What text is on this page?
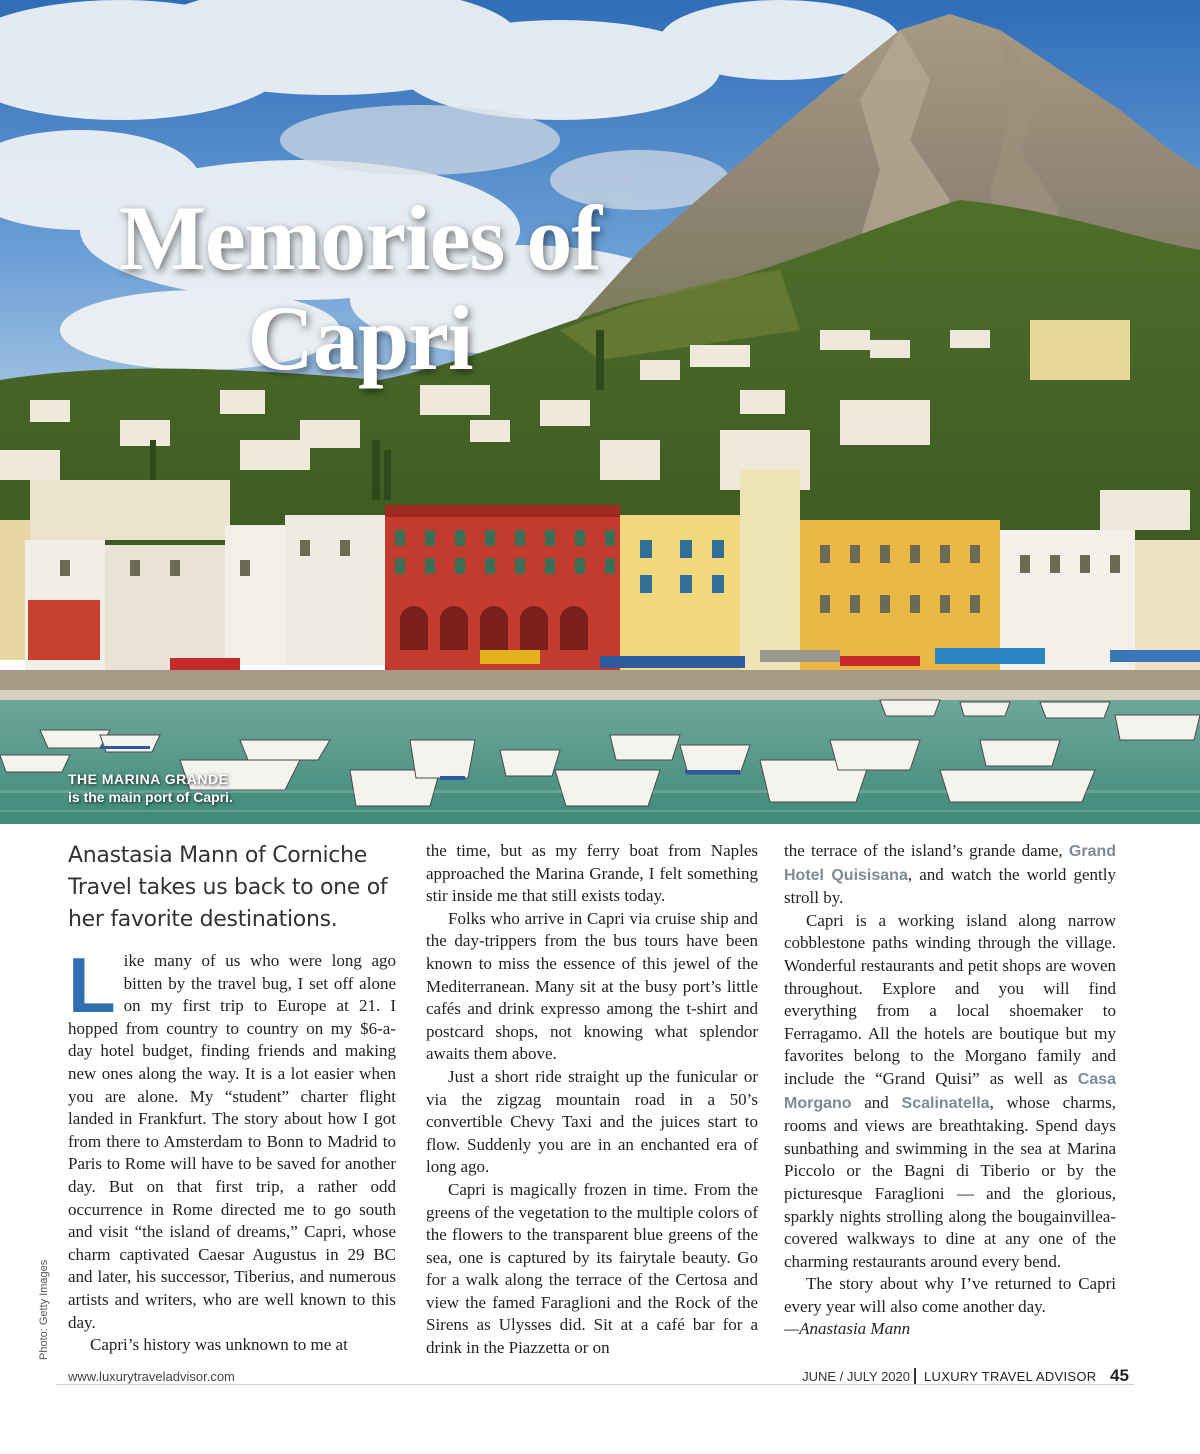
Memories of
Capri
THE MARINA GRANDE
is the main port of Capri.
Photo: Getty Images
Anastasia Mann of Corniche Travel takes us back to one of her favorite destinations.

Like many of us who were long ago bitten by the travel bug, I set off alone on my first trip to Europe at 21. I hopped from country to country on my $6-a-day hotel budget, finding friends and making new ones along the way. It is a lot easier when you are alone. My “student” charter flight landed in Frankfurt. The story about how I got from there to Amsterdam to Bonn to Madrid to Paris to Rome will have to be saved for another day. But on that first trip, a rather odd occurrence in Rome directed me to go south and visit “the island of dreams,” Capri, whose charm captivated Caesar Augustus in 29 BC and later, his successor, Tiberius, and numerous artists and writers, who are well known to this day.

Capri’s history was unknown to me at

the time, but as my ferry boat from Naples approached the Marina Grande, I felt something stir inside me that still exists today.

Folks who arrive in Capri via cruise ship and the day-trippers from the bus tours have been known to miss the essence of this jewel of the Mediterranean. Many sit at the busy port’s little cafés and drink expresso among the t-shirt and postcard shops, not knowing what splendor awaits them above.

Just a short ride straight up the funicular or via the zigzag mountain road in a 50’s convertible Chevy Taxi and the juices start to flow. Suddenly you are in an enchanted era of long ago.

Capri is magically frozen in time. From the greens of the vegetation to the multiple colors of the flowers to the transparent blue greens of the sea, one is captured by its fairytale beauty. Go for a walk along the terrace of the Certosa and view the famed Faraglioni and the Rock of the Sirens as Ulysses did. Sit at a café bar for a drink in the Piazzetta or on

the terrace of the island’s grande dame, Grand Hotel Quisisana, and watch the world gently stroll by.

Capri is a working island along narrow cobblestone paths winding through the village. Wonderful restaurants and petit shops are woven throughout. Explore and you will find everything from a local shoemaker to Ferragamo. All the hotels are boutique but my favorites belong to the Morgano family and include the “Grand Quisi” as well as Casa Morgano and Scalinatella, whose charms, rooms and views are breathtaking. Spend days sunbathing and swimming in the sea at Marina Piccolo or the Bagni di Tiberio or by the picturesque Faraglioni — and the glorious, sparkly nights strolling along the bougainvillea-covered walkways to dine at any one of the charming restaurants around every bend.

The story about why I’ve returned to Capri every year will also come another day.

—Anastasia Mann

www.luxurytraveladvisor.com	JUNE / JULY 2020 LUXURY TRAVEL ADVISOR 45
